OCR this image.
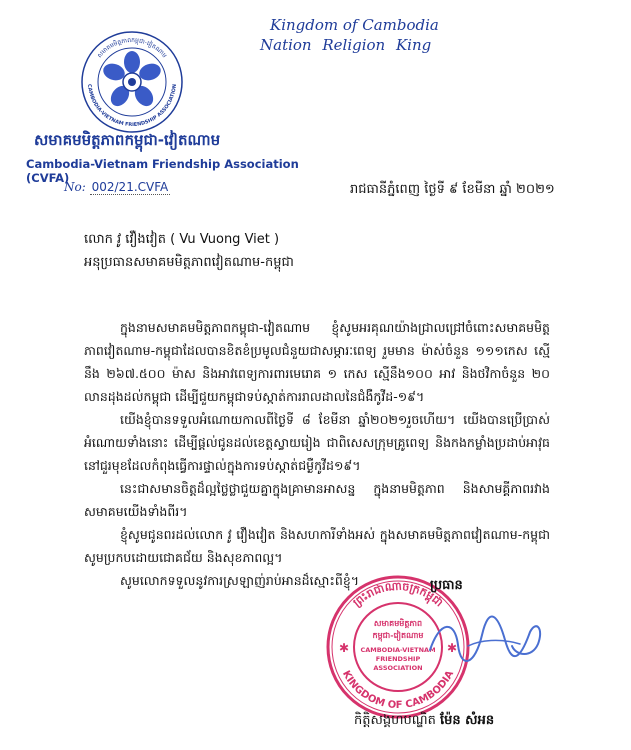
សមាគមមិត្តភាពកម្ពុជា-វៀតណាម
CAMBODIA-VIETNAM FRIENDSHIP ASSOCIATION
សមាគមមិត្តភាពកម្ពុជា-វៀតណាម
Cambodia-Vietnam Friendship Association (CVFA)
No: 002/21.CVFA
Kingdom of Cambodia
Nation Religion King
រាជធានីភ្នំពេញ ថ្ងៃទី ៩ ខែមីនា ឆ្នាំ ២០២១
លោក វូ វឿងវៀត ( Vu Vuong Viet )
អនុប្រធានសមាគមមិត្តភាពវៀតណាម-កម្ពុជា

ក្នុងនាមសមាគមមិត្តភាពកម្ពុជា-វៀតណាម ខ្ញុំសូមអរគុណយ៉ាងជ្រាលជ្រៅចំពោះសមាគមមិត្តភាពវៀតណាម-កម្ពុជាដែលបានខិតខំប្រមូលជំនួយជាសម្ភារៈពេទ្យ រួមមាន ម៉ាស់ចំនួន ១១១កេស ស្មើនឹង ២៦៧.៥០០ ម៉ាស និងអាវពេទ្យការពារមេរោគ ១ កេស ស្មើនឹង១០០ អាវ និងថវិកាចំនួន ២០ លានដុងដល់កម្ពុជា ដើម្បីជួយកម្ពុជាទប់ស្កាត់ការរាលដាលនៃជំងឺកូវីដ-១៩។

យើងខ្ញុំបានទទួលអំណោយកាលពីថ្ងៃទី ៨ ខែមីនា ឆ្នាំ២០២១រួចហើយ។ យើងបានប្រើប្រាស់អំណោយទាំងនោះ ដើម្បីផ្តល់ជូនដល់ខេត្តស្វាយរៀង ជាពិសេសក្រុមគ្រូពេទ្យ និងកងកម្លាំងប្រដាប់អាវុធនៅជួរមុខដែលកំពុងធ្វើការផ្ទាល់ក្នុងការទប់ស្កាត់ជម្ងឺកូវីដ១៩។

នេះជាសមានចិត្តដ៏ល្អថ្លៃថ្លាជួយគ្នាក្នុងគ្រាមានអាសន្ន ក្នុងនាមមិត្តភាព និងសាមគ្គីភាពរវាងសមាគមយើងទាំងពីរ។

ខ្ញុំសូមជូនពរដល់លោក វូ វឿងវៀត និងសហការីទាំងអស់ ក្នុងសមាគមមិត្តភាពវៀតណាម-កម្ពុជាសូមប្រកបដោយជោគជ័យ និងសុខភាពល្អ។

សូមលោកទទួលនូវការស្រឡាញ់រាប់អានដ៏ស្មោះពីខ្ញុំ។

ព្រះរាជាណាចក្រកម្ពុជា
KINGDOM OF CAMBODIA
✱	✱
សមាគមមិត្តភាព
កម្ពុជា-វៀតណាម
CAMBODIA-VIETNAM
FRIENDSHIP
ASSOCIATION
ប្រធាន
កិត្តិសង្គហបណ្ឌិត ម៉ែន សំអន
